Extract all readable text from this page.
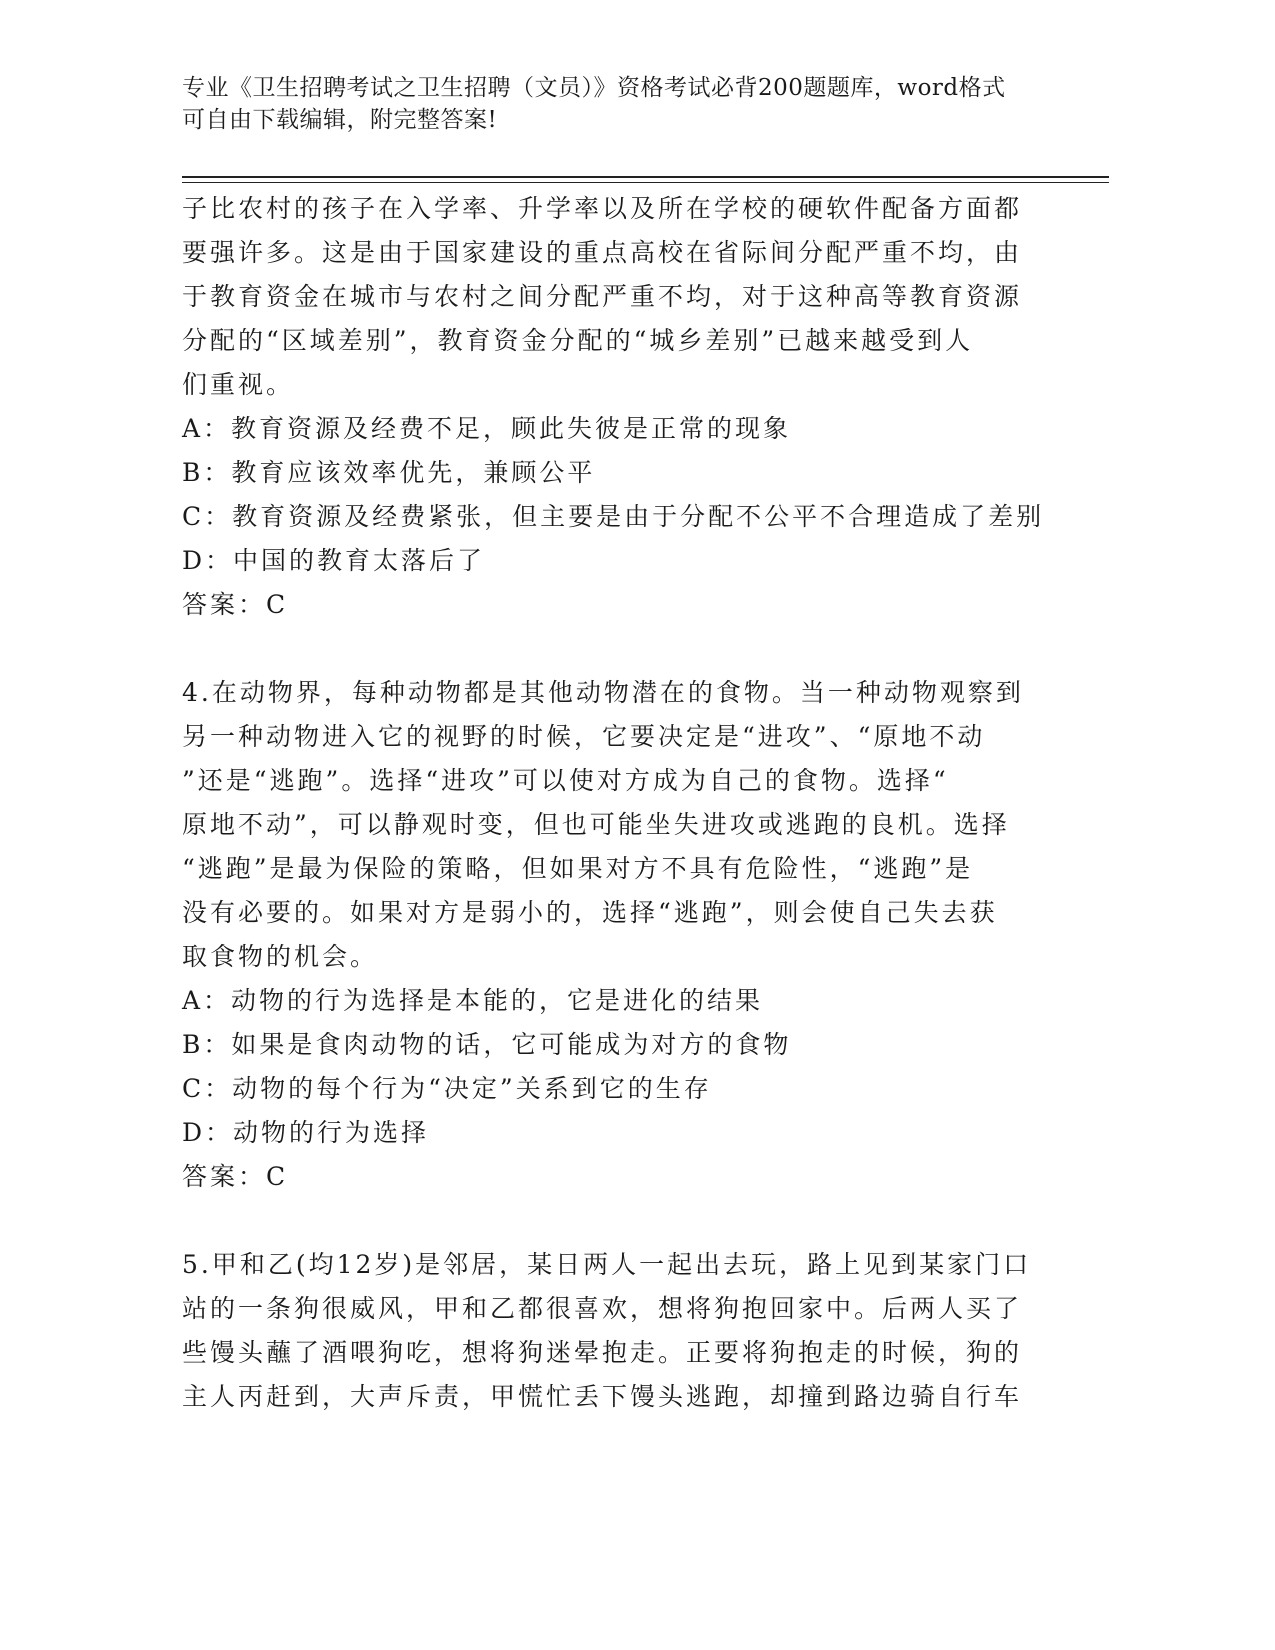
专业《卫生招聘考试之卫生招聘（文员）》资格考试必背200题题库，word格式
可自由下载编辑，附完整答案!
子比农村的孩子在入学率、升学率以及所在学校的硬软件配备方面都
要强许多。这是由于国家建设的重点高校在省际间分配严重不均，由
于教育资金在城市与农村之间分配严重不均，对于这种高等教育资源
分配的“区域差别”，教育资金分配的“城乡差别”已越来越受到人
们重视。
A：教育资源及经费不足，顾此失彼是正常的现象
B：教育应该效率优先，兼顾公平
C：教育资源及经费紧张，但主要是由于分配不公平不合理造成了差别
D：中国的教育太落后了
答案：C
4.在动物界，每种动物都是其他动物潜在的食物。当一种动物观察到
另一种动物进入它的视野的时候，它要决定是“进攻”、“原地不动
”还是“逃跑”。选择“进攻”可以使对方成为自己的食物。选择“
原地不动”，可以静观时变，但也可能坐失进攻或逃跑的良机。选择
“逃跑”是最为保险的策略，但如果对方不具有危险性，“逃跑”是
没有必要的。如果对方是弱小的，选择“逃跑”，则会使自己失去获
取食物的机会。
A：动物的行为选择是本能的，它是进化的结果
B：如果是食肉动物的话，它可能成为对方的食物
C：动物的每个行为“决定”关系到它的生存
D：动物的行为选择
答案：C
5.甲和乙(均12岁)是邻居，某日两人一起出去玩，路上见到某家门口
站的一条狗很威风，甲和乙都很喜欢，想将狗抱回家中。后两人买了
些馒头蘸了酒喂狗吃，想将狗迷晕抱走。正要将狗抱走的时候，狗的
主人丙赶到，大声斥责，甲慌忙丢下馒头逃跑，却撞到路边骑自行车
